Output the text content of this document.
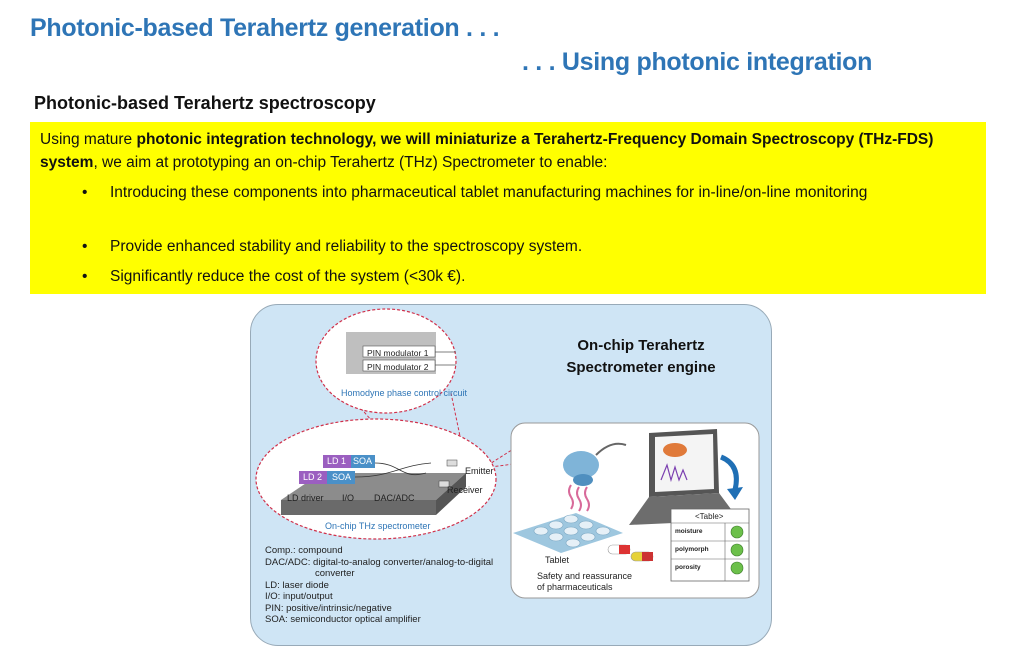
Photonic-based Terahertz generation . . .
. . . Using photonic integration
Photonic-based Terahertz spectroscopy
Using mature photonic integration technology, we will miniaturize a Terahertz-Frequency Domain Spectroscopy (THz-FDS) system, we aim at prototyping an on-chip Terahertz (THz) Spectrometer to enable:
• Introducing these components into pharmaceutical tablet manufacturing machines for in-line/on-line monitoring
• Provide enhanced stability and reliability to the spectroscopy system.
• Significantly reduce the cost of the system (<30k €).
On-chip Terahertz
Spectrometer engine
PIN modulator 1
PIN modulator 2
Homodyne phase control circuit
LD 1 SOA
LD 2 SOA
LD driver I/O DAC/ADC
Emitter
Receiver
On-chip THz spectrometer
Tablet
Safety and reassurance
of pharmaceuticals
<Table>
moisture
polymorph
porosity
Comp.: compound
DAC/ADC: digital-to-analog converter/analog-to-digital
converter
LD: laser diode
I/O: input/output
PIN: positive/intrinsic/negative
SOA: semiconductor optical amplifier
